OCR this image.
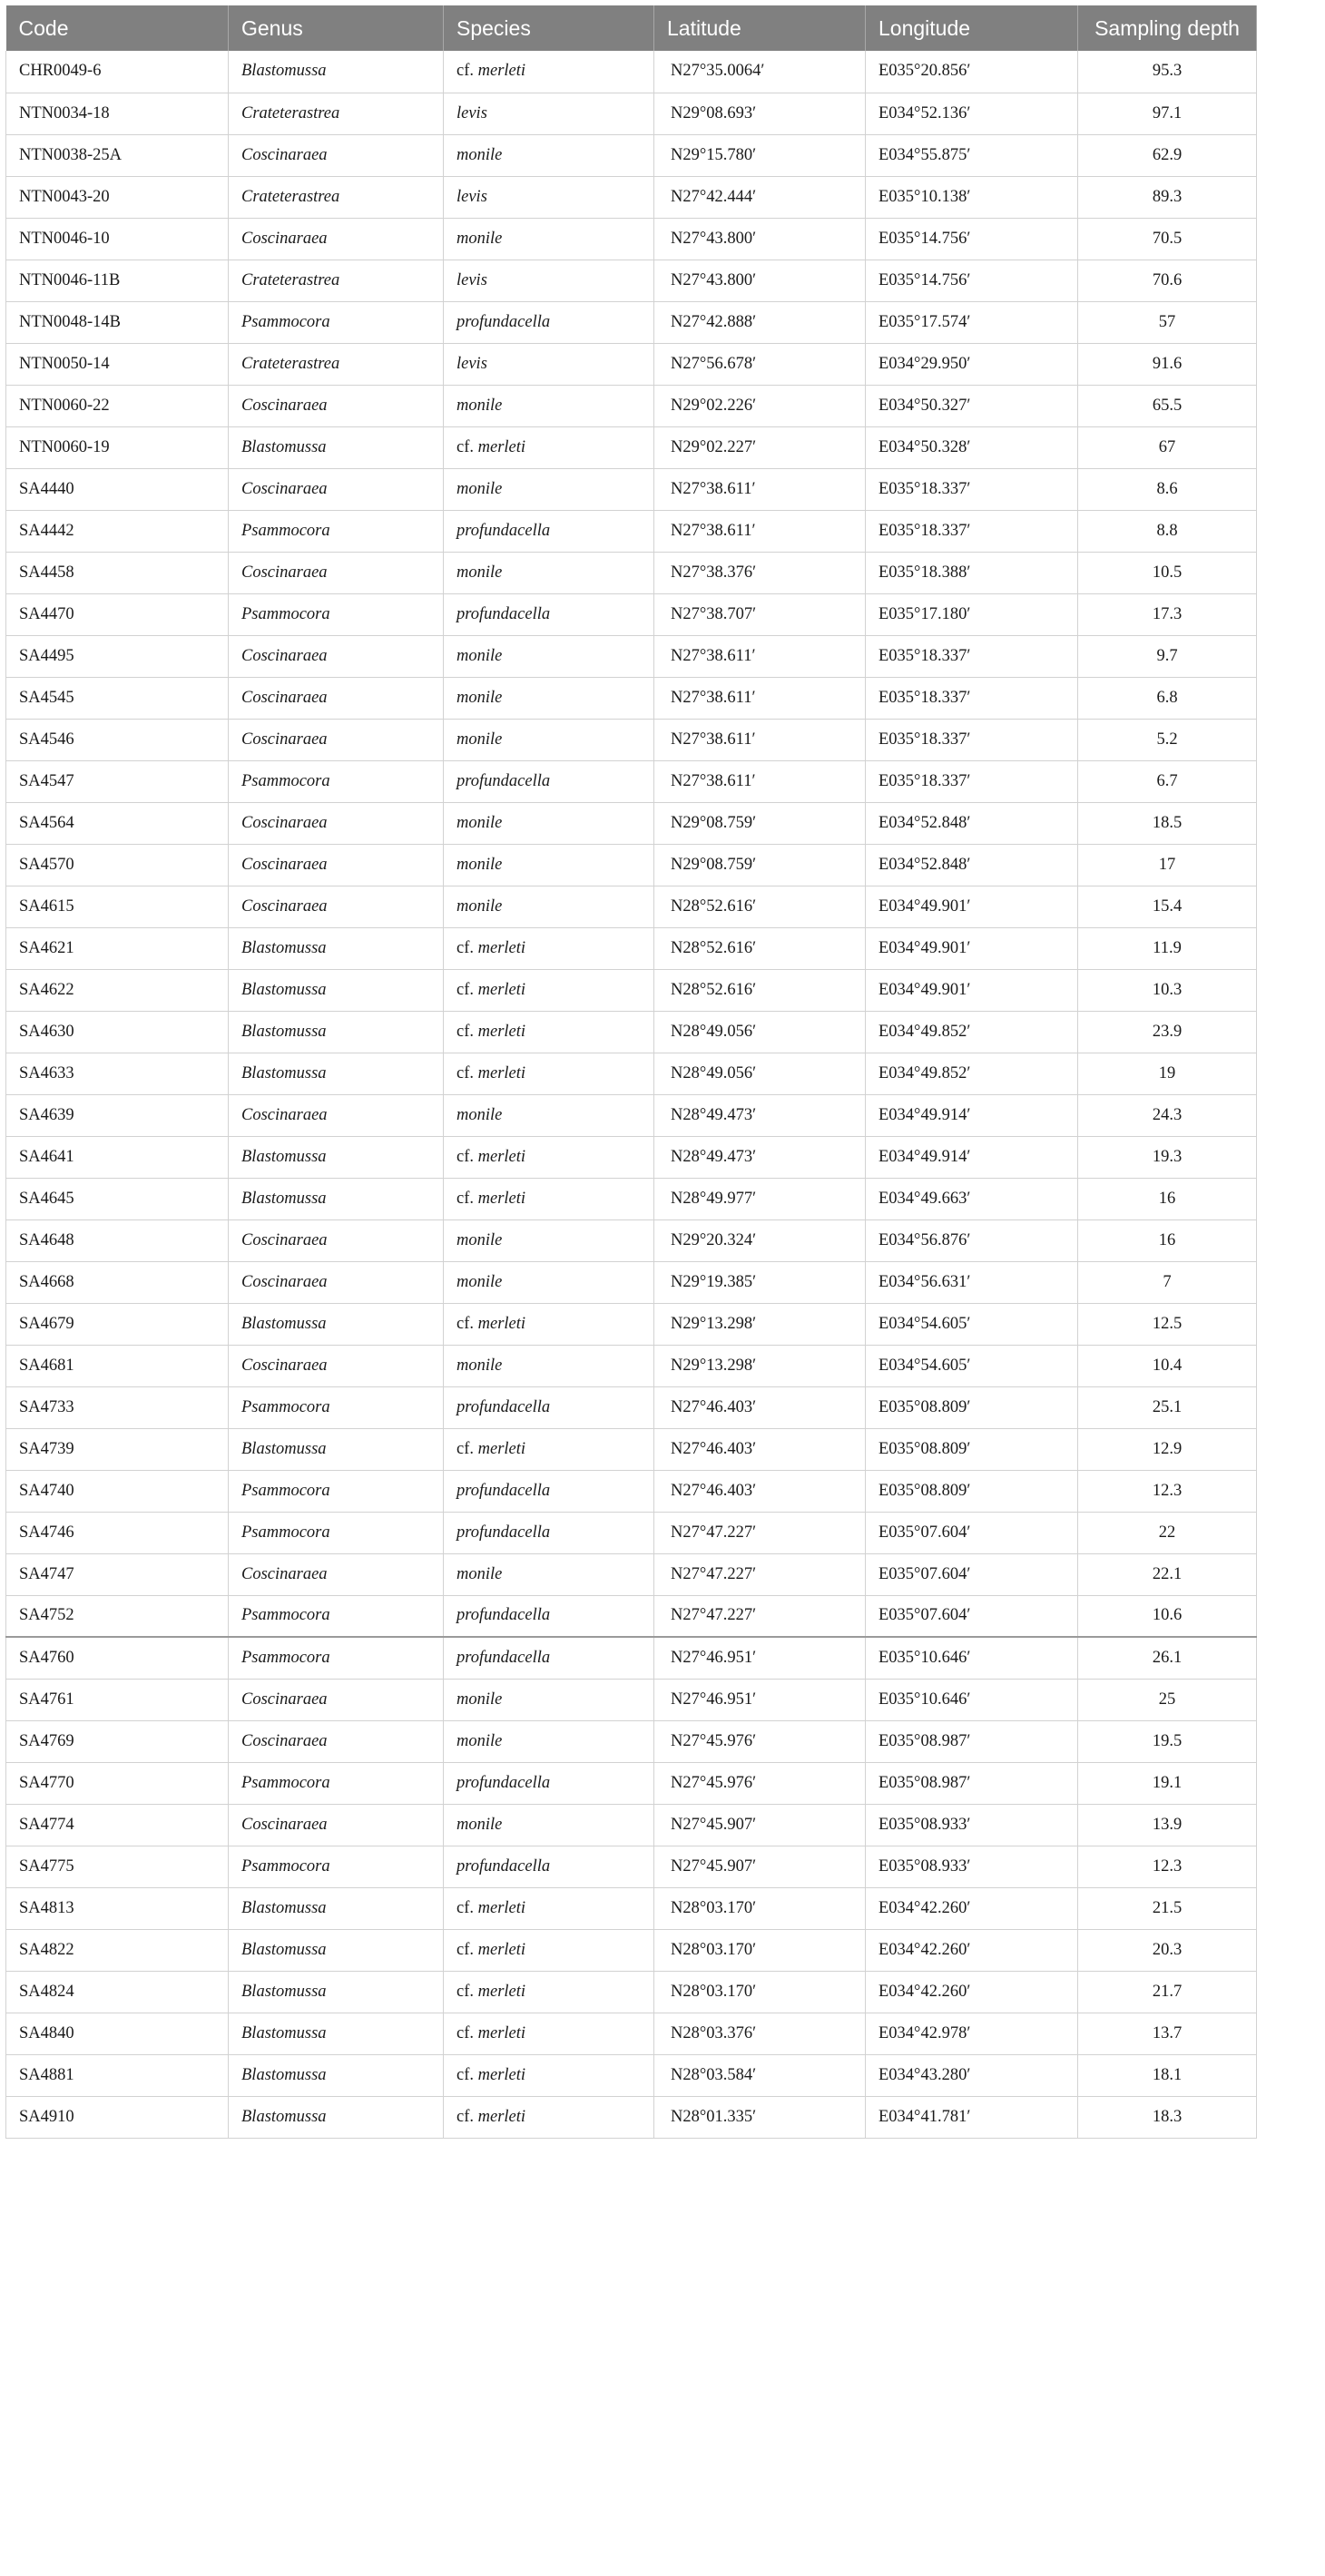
Code	Genus	Species	Latitude	Longitude	Sampling depth
CHR0049-6	Blastomussa	cf. merleti	N27°35.0064′	E035°20.856′	95.3
NTN0034-18	Crateterastrea	levis	N29°08.693′	E034°52.136′	97.1
NTN0038-25A	Coscinaraea	monile	N29°15.780′	E034°55.875′	62.9
NTN0043-20	Crateterastrea	levis	N27°42.444′	E035°10.138′	89.3
NTN0046-10	Coscinaraea	monile	N27°43.800′	E035°14.756′	70.5
NTN0046-11B	Crateterastrea	levis	N27°43.800′	E035°14.756′	70.6
NTN0048-14B	Psammocora	profundacella	N27°42.888′	E035°17.574′	57
NTN0050-14	Crateterastrea	levis	N27°56.678′	E034°29.950′	91.6
NTN0060-22	Coscinaraea	monile	N29°02.226′	E034°50.327′	65.5
NTN0060-19	Blastomussa	cf. merleti	N29°02.227′	E034°50.328′	67
SA4440	Coscinaraea	monile	N27°38.611′	E035°18.337′	8.6
SA4442	Psammocora	profundacella	N27°38.611′	E035°18.337′	8.8
SA4458	Coscinaraea	monile	N27°38.376′	E035°18.388′	10.5
SA4470	Psammocora	profundacella	N27°38.707′	E035°17.180′	17.3
SA4495	Coscinaraea	monile	N27°38.611′	E035°18.337′	9.7
SA4545	Coscinaraea	monile	N27°38.611′	E035°18.337′	6.8
SA4546	Coscinaraea	monile	N27°38.611′	E035°18.337′	5.2
SA4547	Psammocora	profundacella	N27°38.611′	E035°18.337′	6.7
SA4564	Coscinaraea	monile	N29°08.759′	E034°52.848′	18.5
SA4570	Coscinaraea	monile	N29°08.759′	E034°52.848′	17
SA4615	Coscinaraea	monile	N28°52.616′	E034°49.901′	15.4
SA4621	Blastomussa	cf. merleti	N28°52.616′	E034°49.901′	11.9
SA4622	Blastomussa	cf. merleti	N28°52.616′	E034°49.901′	10.3
SA4630	Blastomussa	cf. merleti	N28°49.056′	E034°49.852′	23.9
SA4633	Blastomussa	cf. merleti	N28°49.056′	E034°49.852′	19
SA4639	Coscinaraea	monile	N28°49.473′	E034°49.914′	24.3
SA4641	Blastomussa	cf. merleti	N28°49.473′	E034°49.914′	19.3
SA4645	Blastomussa	cf. merleti	N28°49.977′	E034°49.663′	16
SA4648	Coscinaraea	monile	N29°20.324′	E034°56.876′	16
SA4668	Coscinaraea	monile	N29°19.385′	E034°56.631′	7
SA4679	Blastomussa	cf. merleti	N29°13.298′	E034°54.605′	12.5
SA4681	Coscinaraea	monile	N29°13.298′	E034°54.605′	10.4
SA4733	Psammocora	profundacella	N27°46.403′	E035°08.809′	25.1
SA4739	Blastomussa	cf. merleti	N27°46.403′	E035°08.809′	12.9
SA4740	Psammocora	profundacella	N27°46.403′	E035°08.809′	12.3
SA4746	Psammocora	profundacella	N27°47.227′	E035°07.604′	22
SA4747	Coscinaraea	monile	N27°47.227′	E035°07.604′	22.1
SA4752	Psammocora	profundacella	N27°47.227′	E035°07.604′	10.6
SA4760	Psammocora	profundacella	N27°46.951′	E035°10.646′	26.1
SA4761	Coscinaraea	monile	N27°46.951′	E035°10.646′	25
SA4769	Coscinaraea	monile	N27°45.976′	E035°08.987′	19.5
SA4770	Psammocora	profundacella	N27°45.976′	E035°08.987′	19.1
SA4774	Coscinaraea	monile	N27°45.907′	E035°08.933′	13.9
SA4775	Psammocora	profundacella	N27°45.907′	E035°08.933′	12.3
SA4813	Blastomussa	cf. merleti	N28°03.170′	E034°42.260′	21.5
SA4822	Blastomussa	cf. merleti	N28°03.170′	E034°42.260′	20.3
SA4824	Blastomussa	cf. merleti	N28°03.170′	E034°42.260′	21.7
SA4840	Blastomussa	cf. merleti	N28°03.376′	E034°42.978′	13.7
SA4881	Blastomussa	cf. merleti	N28°03.584′	E034°43.280′	18.1
SA4910	Blastomussa	cf. merleti	N28°01.335′	E034°41.781′	18.3
